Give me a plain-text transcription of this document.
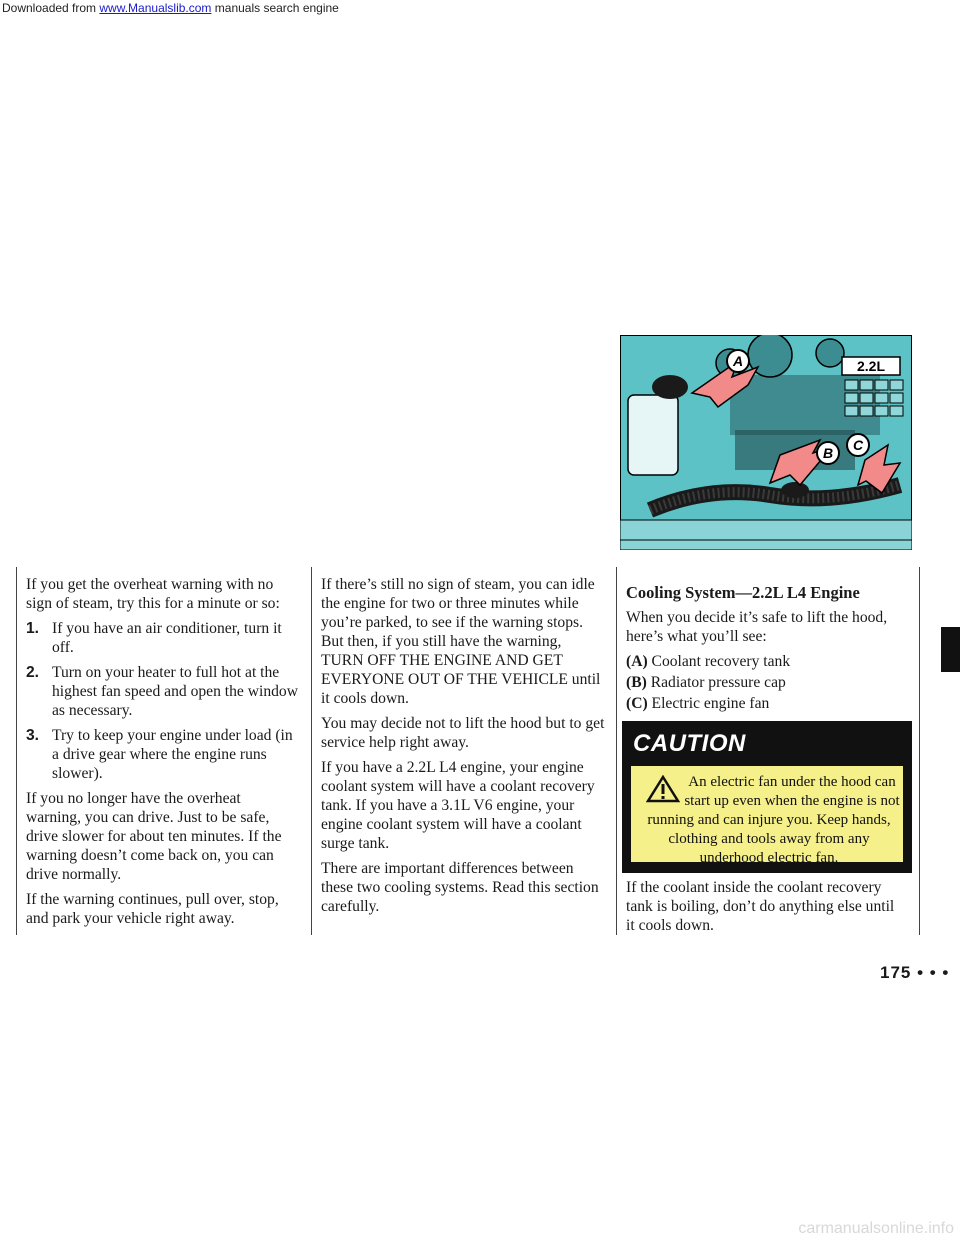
Downloaded from www.Manualslib.com manuals search engine

If you get the overheat warning with no sign of steam, try this for a minute or so:

1. If you have an air conditioner, turn it off.
2. Turn on your heater to full hot at the highest fan speed and open the window as necessary.
3. Try to keep your engine under load (in a drive gear where the engine runs slower).

If you no longer have the overheat warning, you can drive. Just to be safe, drive slower for about ten minutes. If the warning doesn’t come back on, you can drive normally.

If the warning continues, pull over, stop, and park your vehicle right away.

If there’s still no sign of steam, you can idle the engine for two or three minutes while you’re parked, to see if the warning stops. But then, if you still have the warning, TURN OFF THE ENGINE AND GET EVERYONE OUT OF THE VEHICLE until it cools down.

You may decide not to lift the hood but to get service help right away.

If you have a 2.2L L4 engine, your engine coolant system will have a coolant recovery tank. If you have a 3.1L V6 engine, your engine coolant system will have a coolant surge tank.

There are important differences between these two cooling systems. Read this section carefully.

2.2L
A
B C

Cooling System—2.2L L4 Engine

When you decide it’s safe to lift the hood, here’s what you’ll see:

(A) Coolant recovery tank

(B) Radiator pressure cap

(C) Electric engine fan

CAUTION
An electric fan under the hood can start up even when the engine is not running and can injure you. Keep hands, clothing and tools away from any underhood electric fan.

If the coolant inside the coolant recovery tank is boiling, don’t do anything else until it cools down.

175 • • •
carmanualsonline.info
